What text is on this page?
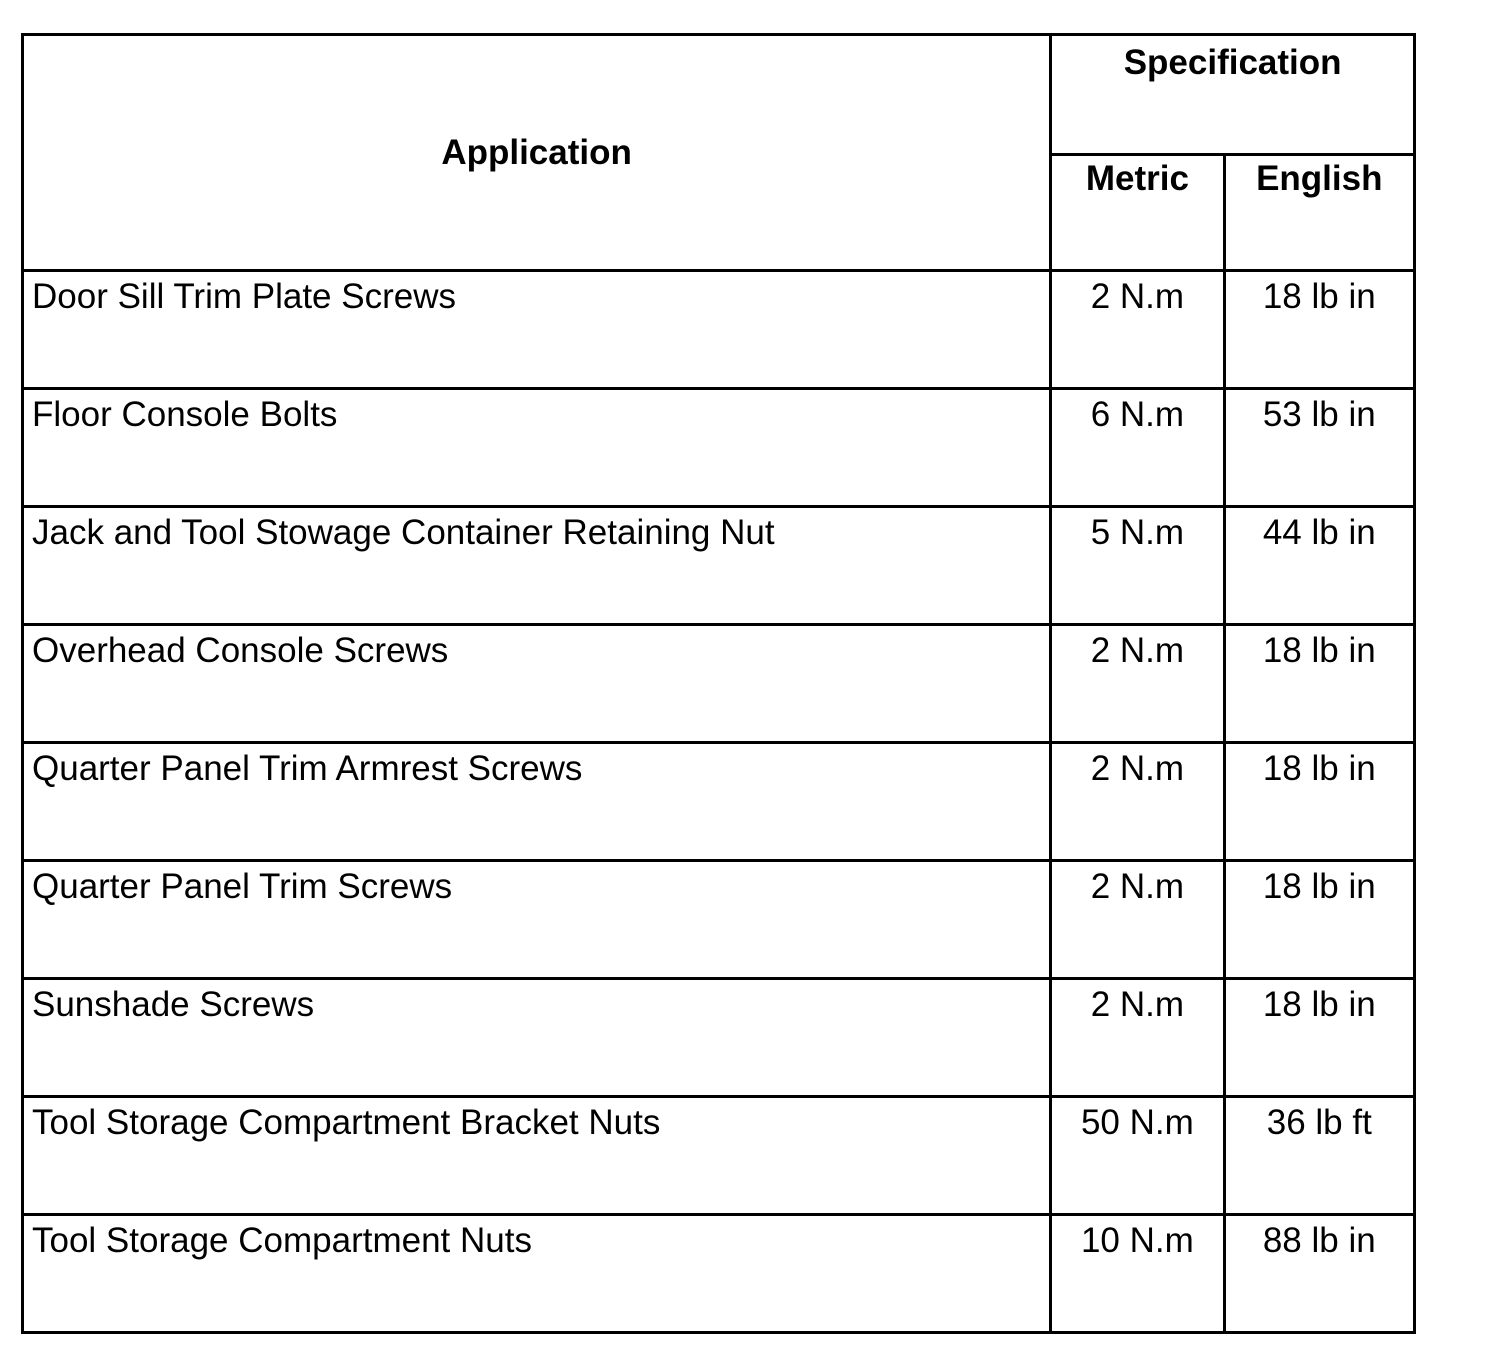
Application	Specification	
	Metric	English
Door Sill Trim Plate Screws	2 N.m	18 lb in
Floor Console Bolts	6 N.m	53 lb in
Jack and Tool Stowage Container Retaining Nut	5 N.m	44 lb in
Overhead Console Screws	2 N.m	18 lb in
Quarter Panel Trim Armrest Screws	2 N.m	18 lb in
Quarter Panel Trim Screws	2 N.m	18 lb in
Sunshade Screws	2 N.m	18 lb in
Tool Storage Compartment Bracket Nuts	50 N.m	36 lb ft
Tool Storage Compartment Nuts	10 N.m	88 lb in
